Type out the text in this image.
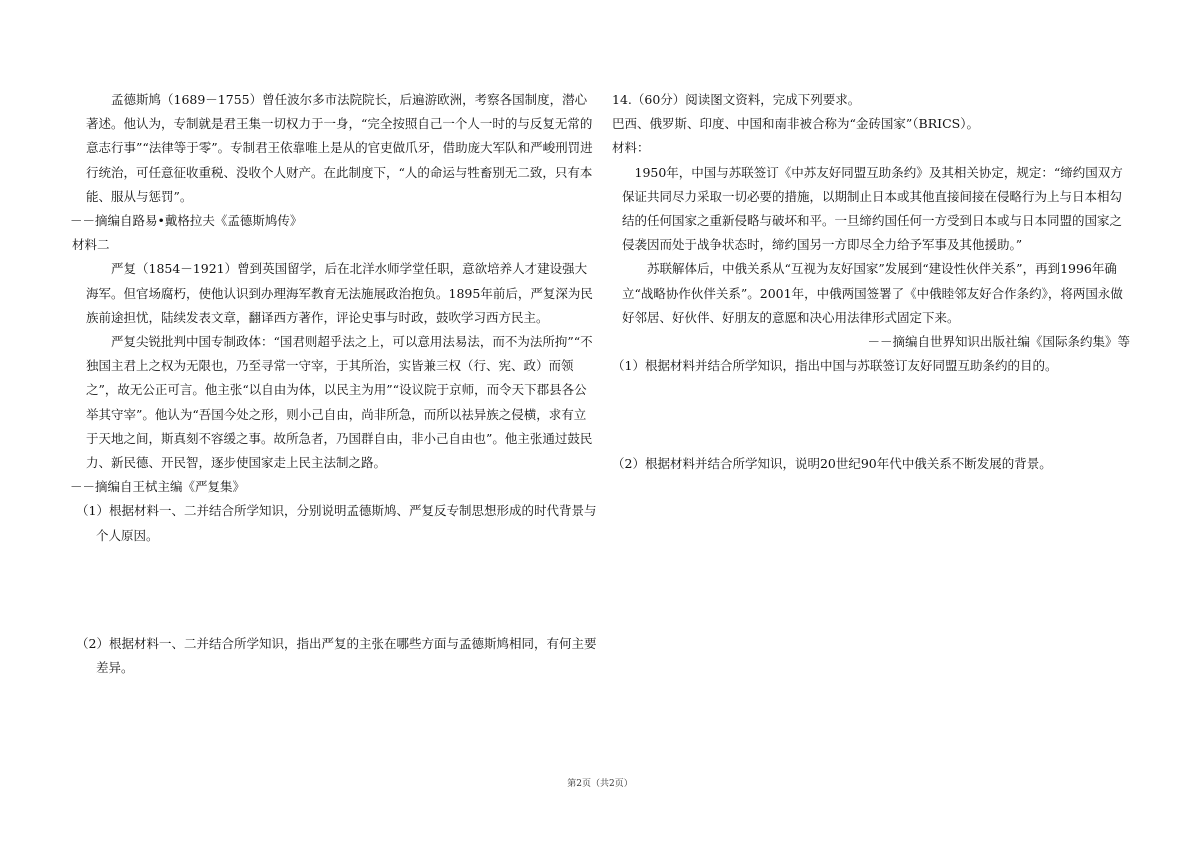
孟德斯鸠（1689－1755）曾任波尔多市法院院长，后遍游欧洲，考察各国制度，潜心著述。他认为，专制就是君王集一切权力于一身，“完全按照自己一个人一时的与反复无常的意志行事”“法律等于零”。专制君王依靠唯上是从的官吏做爪牙，借助庞大军队和严峻刑罚进行统治，可任意征收重税、没收个人财产。在此制度下，“人的命运与牲畜别无二致，只有本能、服从与惩罚”。

－－摘编自路易•戴格拉夫《孟德斯鸠传》

材料二

严复（1854－1921）曾到英国留学，后在北洋水师学堂任职，意欲培养人才建设强大海军。但官场腐朽，使他认识到办理海军教育无法施展政治抱负。1895年前后，严复深为民族前途担忧，陆续发表文章，翻译西方著作，评论史事与时政，鼓吹学习西方民主。

严复尖锐批判中国专制政体：“国君则超乎法之上，可以意用法易法，而不为法所拘”“不独国主君上之权为无限也，乃至寻常一守宰，于其所治，实皆兼三权（行、宪、政）而领之”，故无公正可言。他主张“以自由为体，以民主为用”“设议院于京师，而令天下郡县各公举其守宰”。他认为“吾国今处之形，则小己自由，尚非所急，而所以祛异族之侵横，求有立于天地之间，斯真刻不容缓之事。故所急者，乃国群自由，非小己自由也”。他主张通过鼓民力、新民德、开民智，逐步使国家走上民主法制之路。

－－摘编自王栻主编《严复集》

（1）根据材料一、二并结合所学知识，分别说明孟德斯鸠、严复反专制思想形成的时代背景与个人原因。

（2）根据材料一、二并结合所学知识，指出严复的主张在哪些方面与孟德斯鸠相同，有何主要差异。

14.（60分）阅读图文资料，完成下列要求。

巴西、俄罗斯、印度、中国和南非被合称为“金砖国家”（BRICS）。

材料：

1950年，中国与苏联签订《中苏友好同盟互助条约》及其相关协定，规定：“缔约国双方保证共同尽力采取一切必要的措施，以期制止日本或其他直接间接在侵略行为上与日本相勾结的任何国家之重新侵略与破坏和平。一旦缔约国任何一方受到日本或与日本同盟的国家之侵袭因而处于战争状态时，缔约国另一方即尽全力给予军事及其他援助。”

苏联解体后，中俄关系从“互视为友好国家”发展到“建设性伙伴关系”，再到1996年确立“战略协作伙伴关系”。2001年，中俄两国签署了《中俄睦邻友好合作条约》，将两国永做好邻居、好伙伴、好朋友的意愿和决心用法律形式固定下来。

－－摘编自世界知识出版社编《国际条约集》等

（1）根据材料并结合所学知识，指出中国与苏联签订友好同盟互助条约的目的。

（2）根据材料并结合所学知识，说明20世纪90年代中俄关系不断发展的背景。

第2页（共2页）
